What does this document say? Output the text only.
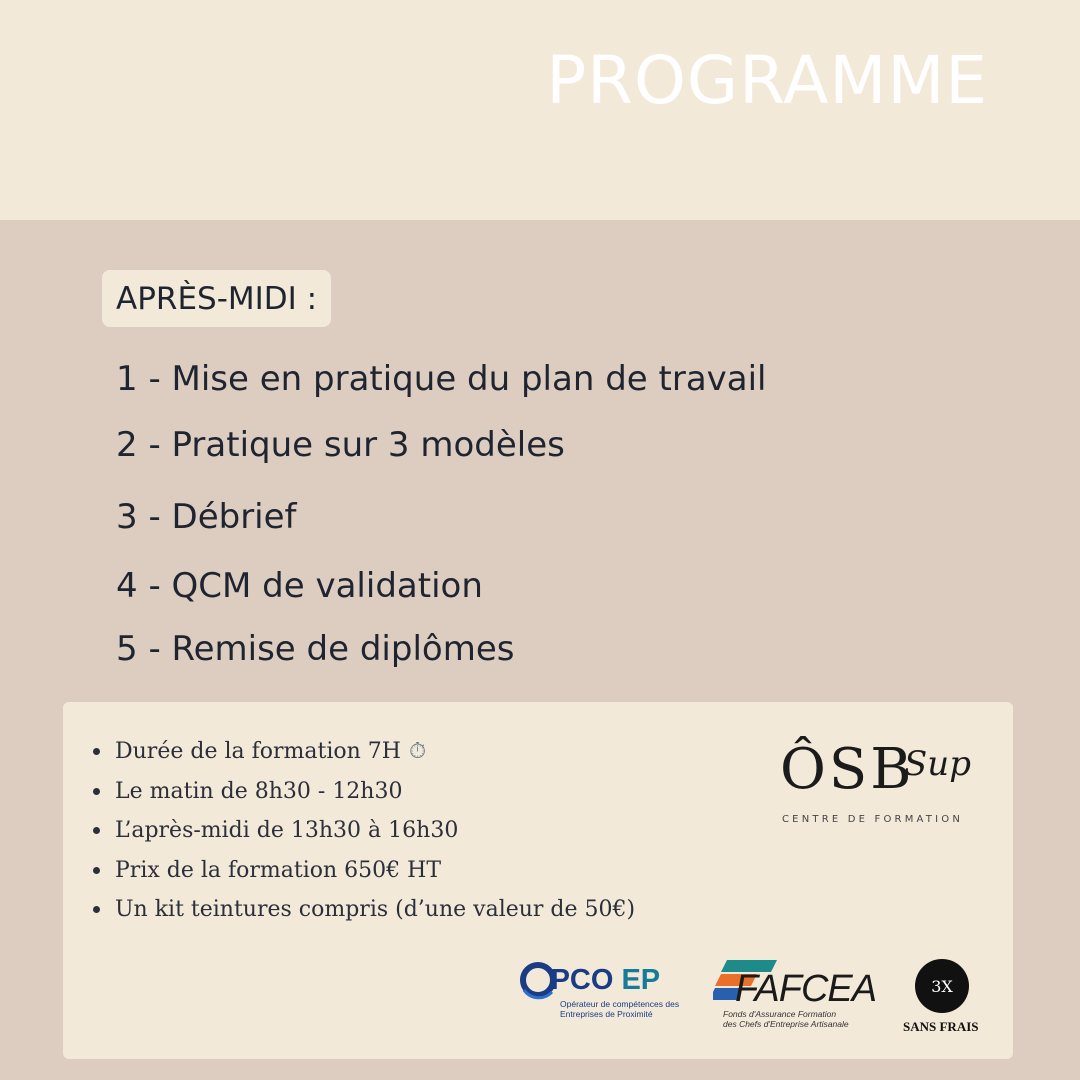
PROGRAMME
APRÈS-MIDI :
1 - Mise en pratique du plan de travail
2 - Pratique sur 3 modèles
3 - Débrief
4 - QCM de validation
5 - Remise de diplômes
Durée de la formation 7H ⏱
Le matin de 8h30 - 12h30
L’après-midi de 13h30 à 16h30
Prix de la formation 650€ HT
Un kit teintures compris (d’une valeur de 50€)
ÔSB
Sup
CENTRE DE FORMATION
PCO EP
Opérateur de compétences des Entreprises de Proximité
FAFCEA
Fonds d'Assurance Formation
des Chefs d'Entreprise Artisanale
3X
SANS FRAIS
